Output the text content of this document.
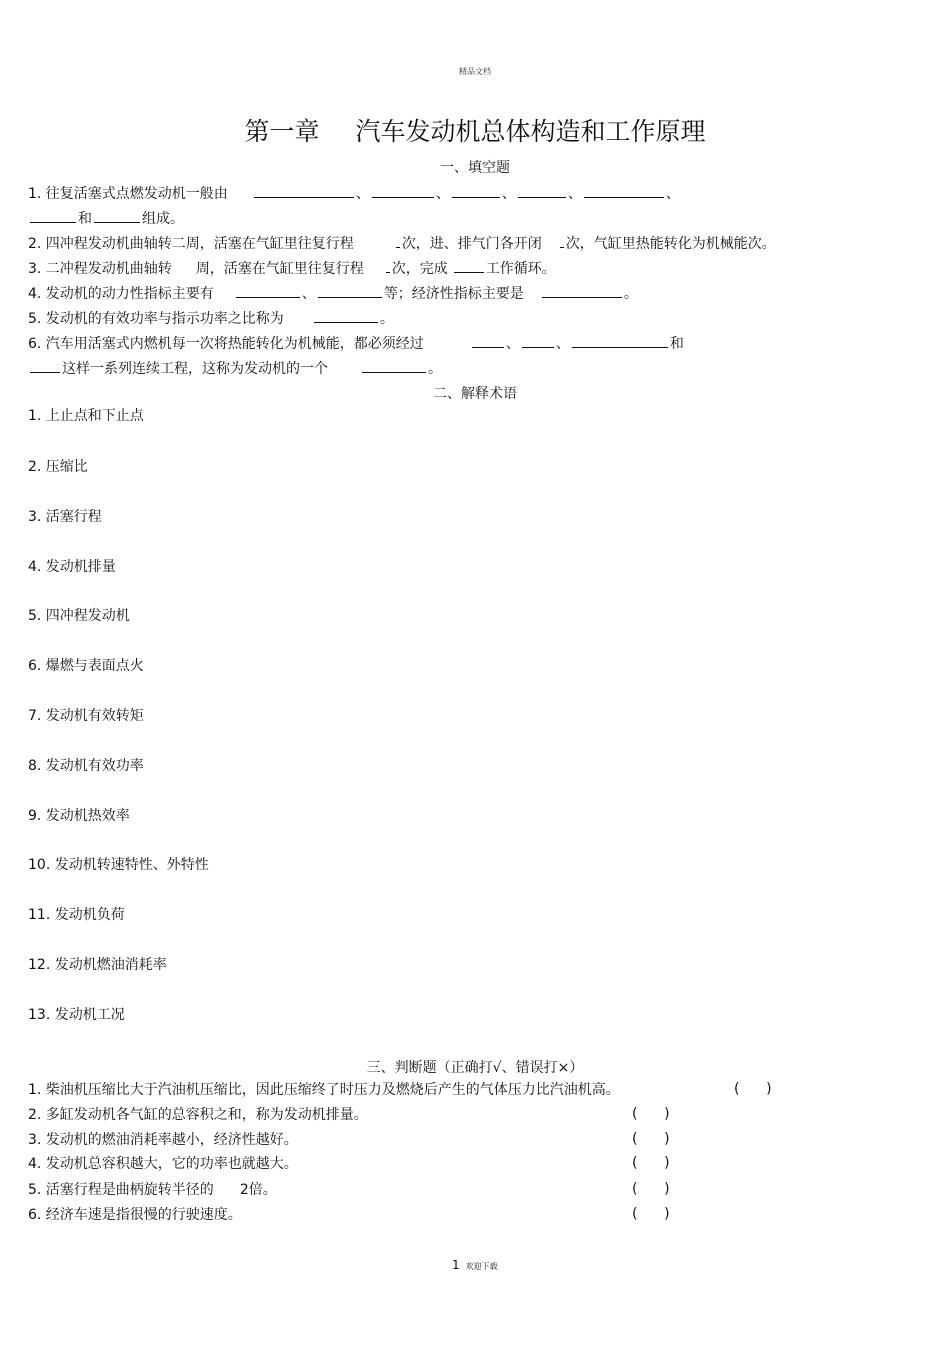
精品文档
第一章 汽车发动机总体构造和工作原理
一、填空题
1. 往复活塞式点燃发动机一般由	、	、	、	、	、
和	组成。
2. 四冲程发动机曲轴转二周，活塞在气缸里往复行程	次，进、排气门各开闭 次，气缸里热能转化为机械能次。
3. 二冲程发动机曲轴转 周，活塞在气缸里往复行程 次，完成	工作循环。
4. 发动机的动力性指标主要有	、	等；经济性指标主要是	。
5. 发动机的有效功率与指示功率之比称为	。
6. 汽车用活塞式内燃机每一次将热能转化为机械能，都必须经过	、	、	和
这样一系列连续工程，这称为发动机的一个	。
二、解释术语
1. 上止点和下止点
2. 压缩比
3. 活塞行程
4. 发动机排量
5. 四冲程发动机
6. 爆燃与表面点火
7. 发动机有效转矩
8. 发动机有效功率
9. 发动机热效率
10. 发动机转速特性、外特性
11. 发动机负荷
12. 发动机燃油消耗率
13. 发动机工况
三、判断题（正确打√、错误打×）
1. 柴油机压缩比大于汽油机压缩比，因此压缩终了时压力及燃烧后产生的气体压力比汽油机高。	(      )
2. 多缸发动机各气缸的总容积之和，称为发动机排量。	(      )
3. 发动机的燃油消耗率越小，经济性越好。	(      )
4. 发动机总容积越大，它的功率也就越大。	(      )
5. 活塞行程是曲柄旋转半径的 2倍。	(      )
6. 经济车速是指很慢的行驶速度。	(      )
1 欢迎下载
